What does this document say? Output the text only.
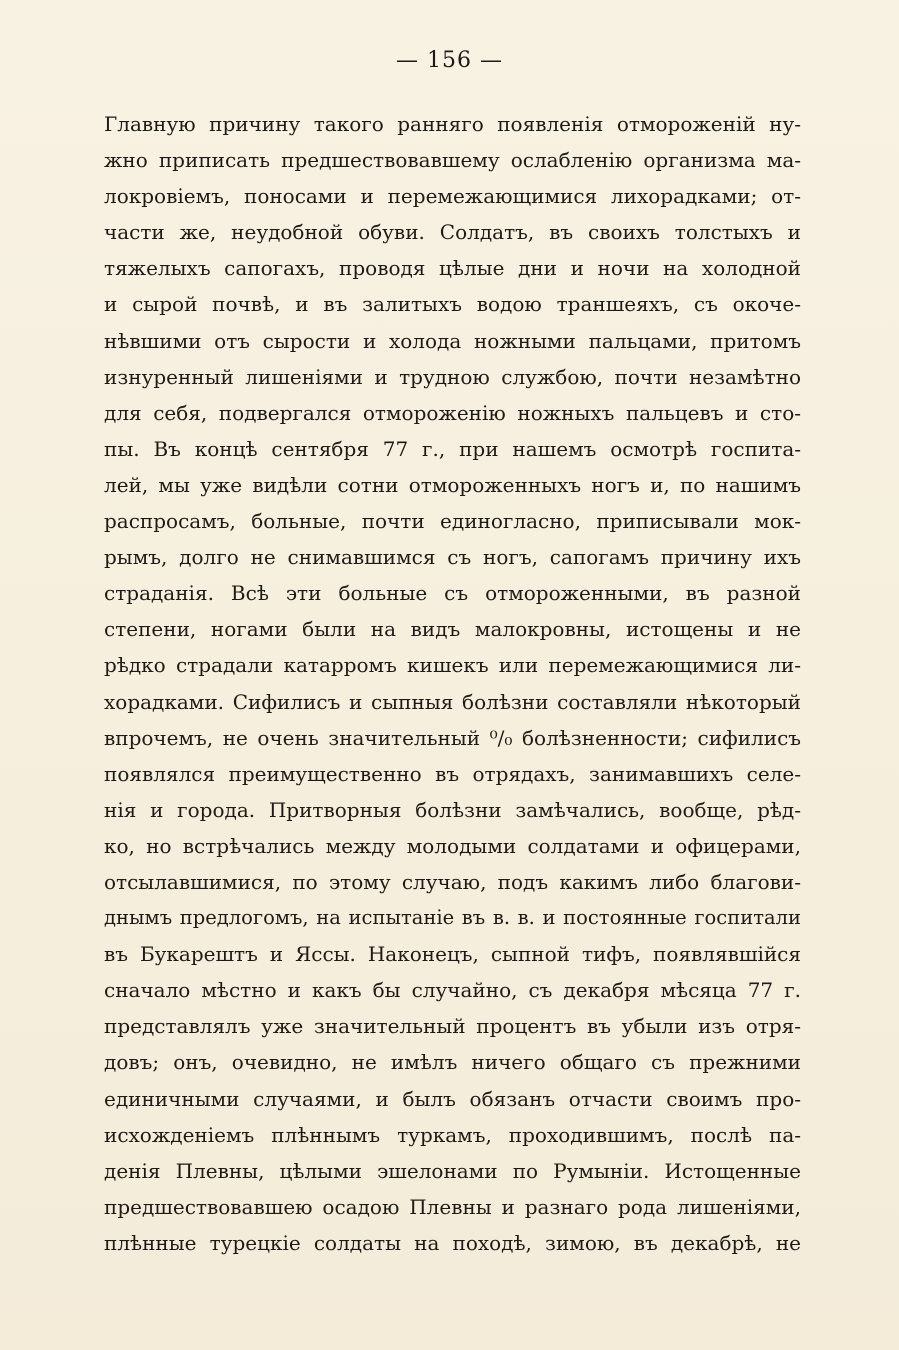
— 156 —
Главную причину такого ранняго появленія отмороженій ну-
жно приписать предшествовавшему ослабленію организма ма-
локровіемъ, поносами и перемежающимися лихорадками; от-
части же, неудобной обуви. Солдатъ, въ своихъ толстыхъ и
тяжелыхъ сапогахъ, проводя цѣлые дни и ночи на холодной
и сырой почвѣ, и въ залитыхъ водою траншеяхъ, съ окоче-
нѣвшими отъ сырости и холода ножными пальцами, притомъ
изнуренный лишеніями и трудною службою, почти незамѣтно
для себя, подвергался отмороженію ножныхъ пальцевъ и сто-
пы. Въ концѣ сентября 77 г., при нашемъ осмотрѣ госпита-
лей, мы уже видѣли сотни отмороженныхъ ногъ и, по нашимъ
распросамъ, больные, почти единогласно, приписывали мок-
рымъ, долго не снимавшимся съ ногъ, сапогамъ причину ихъ
страданія. Всѣ эти больные съ отмороженными, въ разной
степени, ногами были на видъ малокровны, истощены и не
рѣдко страдали катарромъ кишекъ или перемежающимися ли-
хорадками. Сифилисъ и сыпныя болѣзни составляли нѣкоторый
впрочемъ, не очень значительный ⁰/₀ болѣзненности; сифилисъ
появлялся преимущественно въ отрядахъ, занимавшихъ селе-
нія и города. Притворныя болѣзни замѣчались, вообще, рѣд-
ко, но встрѣчались между молодыми солдатами и офицерами,
отсылавшимися, по этому случаю, подъ какимъ либо благови-
днымъ предлогомъ, на испытаніе въ в. в. и постоянные госпитали
въ Букарештъ и Яссы. Наконецъ, сыпной тифъ, появлявшійся
сначало мѣстно и какъ бы случайно, съ декабря мѣсяца 77 г.
представлялъ уже значительный процентъ въ убыли изъ отря-
довъ; онъ, очевидно, не имѣлъ ничего общаго съ прежними
единичными случаями, и былъ обязанъ отчасти своимъ про-
исхожденіемъ плѣннымъ туркамъ, проходившимъ, послѣ па-
денія Плевны, цѣлыми эшелонами по Румыніи. Истощенные
предшествовавшею осадою Плевны и разнаго рода лишеніями,
плѣнные турецкіе солдаты на походѣ, зимою, въ декабрѣ, не
